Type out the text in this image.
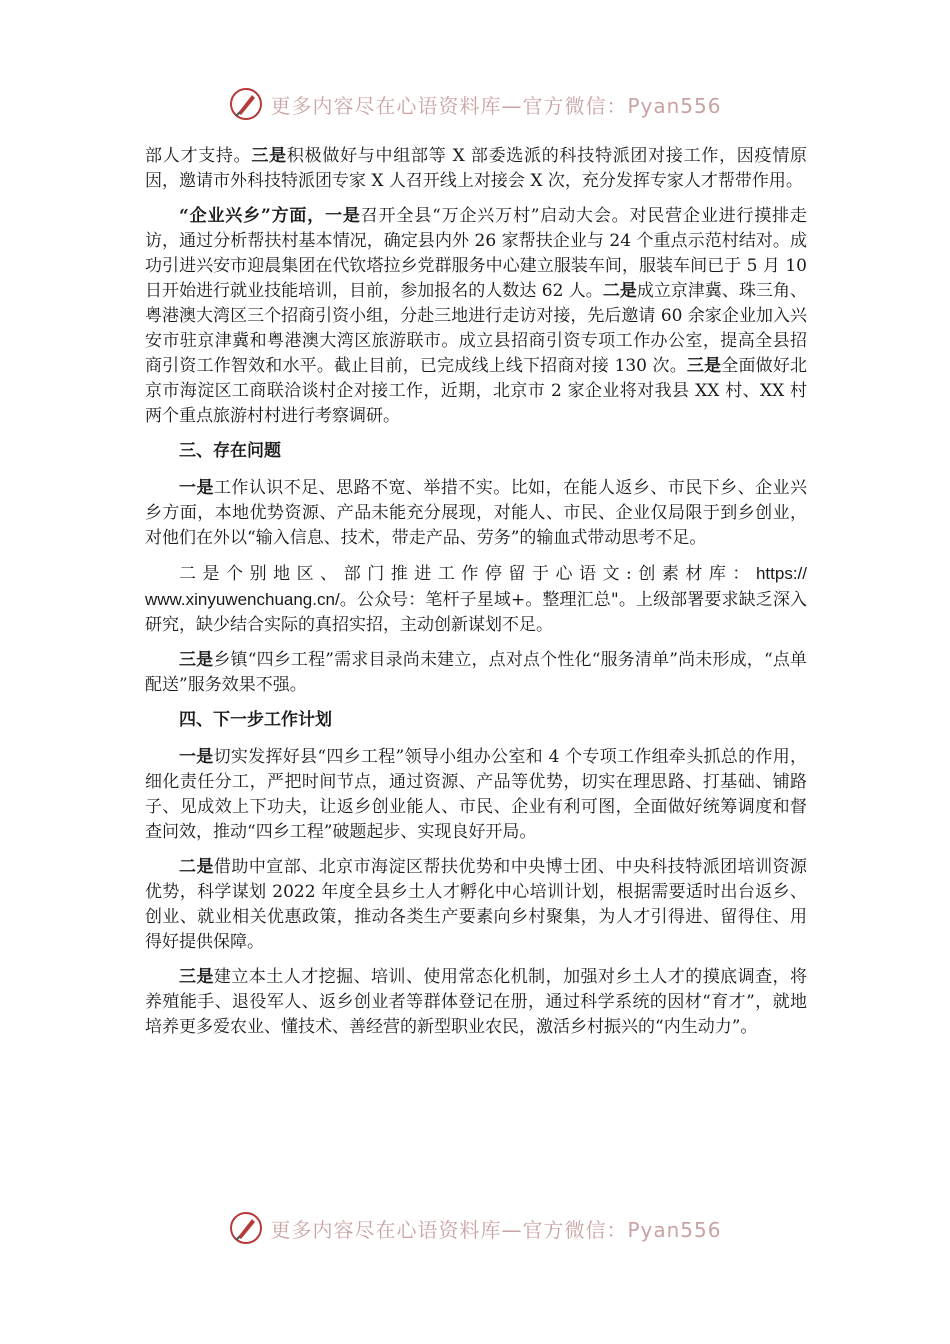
更多内容尽在心语资料库—官方微信：Pyan556

部人才支持。三是积极做好与中组部等 X 部委选派的科技特派团对接工作，因疫情原因，邀请市外科技特派团专家 X 人召开线上对接会 X 次，充分发挥专家人才帮带作用。

“企业兴乡”方面，一是召开全县“万企兴万村”启动大会。对民营企业进行摸排走访，通过分析帮扶村基本情况，确定县内外 26 家帮扶企业与 24 个重点示范村结对。成功引进兴安市迎晨集团在代钦塔拉乡党群服务中心建立服装车间，服装车间已于 5 月 10 日开始进行就业技能培训，目前，参加报名的人数达 62 人。二是成立京津冀、珠三角、粤港澳大湾区三个招商引资小组，分赴三地进行走访对接，先后邀请 60 余家企业加入兴安市驻京津冀和粤港澳大湾区旅游联市。成立县招商引资专项工作办公室，提高全县招商引资工作智效和水平。截止目前，已完成线上线下招商对接 130 次。三是全面做好北京市海淀区工商联洽谈村企对接工作，近期，北京市 2 家企业将对我县 XX 村、XX 村两个重点旅游村村进行考察调研。

三、存在问题

一是工作认识不足、思路不宽、举措不实。比如，在能人返乡、市民下乡、企业兴乡方面，本地优势资源、产品未能充分展现，对能人、市民、企业仅局限于到乡创业，对他们在外以“输入信息、技术，带走产品、劳务”的输血式带动思考不足。

二是个别地区、部门推进工作停留于心语文:创素材库：https:// www.xinyuwenchuang.cn/。公众号：笔杆子星域+。整理汇总"。上级部署要求缺乏深入研究，缺少结合实际的真招实招，主动创新谋划不足。

三是乡镇“四乡工程”需求目录尚未建立，点对点个性化“服务清单”尚未形成，“点单配送”服务效果不强。

四、下一步工作计划

一是切实发挥好县“四乡工程”领导小组办公室和 4 个专项工作组牵头抓总的作用，细化责任分工，严把时间节点，通过资源、产品等优势，切实在理思路、打基础、铺路子、见成效上下功夫，让返乡创业能人、市民、企业有利可图，全面做好统筹调度和督查问效，推动“四乡工程”破题起步、实现良好开局。

二是借助中宣部、北京市海淀区帮扶优势和中央博士团、中央科技特派团培训资源优势，科学谋划 2022 年度全县乡土人才孵化中心培训计划，根据需要适时出台返乡、创业、就业相关优惠政策，推动各类生产要素向乡村聚集，为人才引得进、留得住、用得好提供保障。

三是建立本土人才挖掘、培训、使用常态化机制，加强对乡土人才的摸底调查，将养殖能手、退役军人、返乡创业者等群体登记在册，通过科学系统的因材“育才”，就地培养更多爱农业、懂技术、善经营的新型职业农民，激活乡村振兴的“内生动力”。

更多内容尽在心语资料库—官方微信：Pyan556
